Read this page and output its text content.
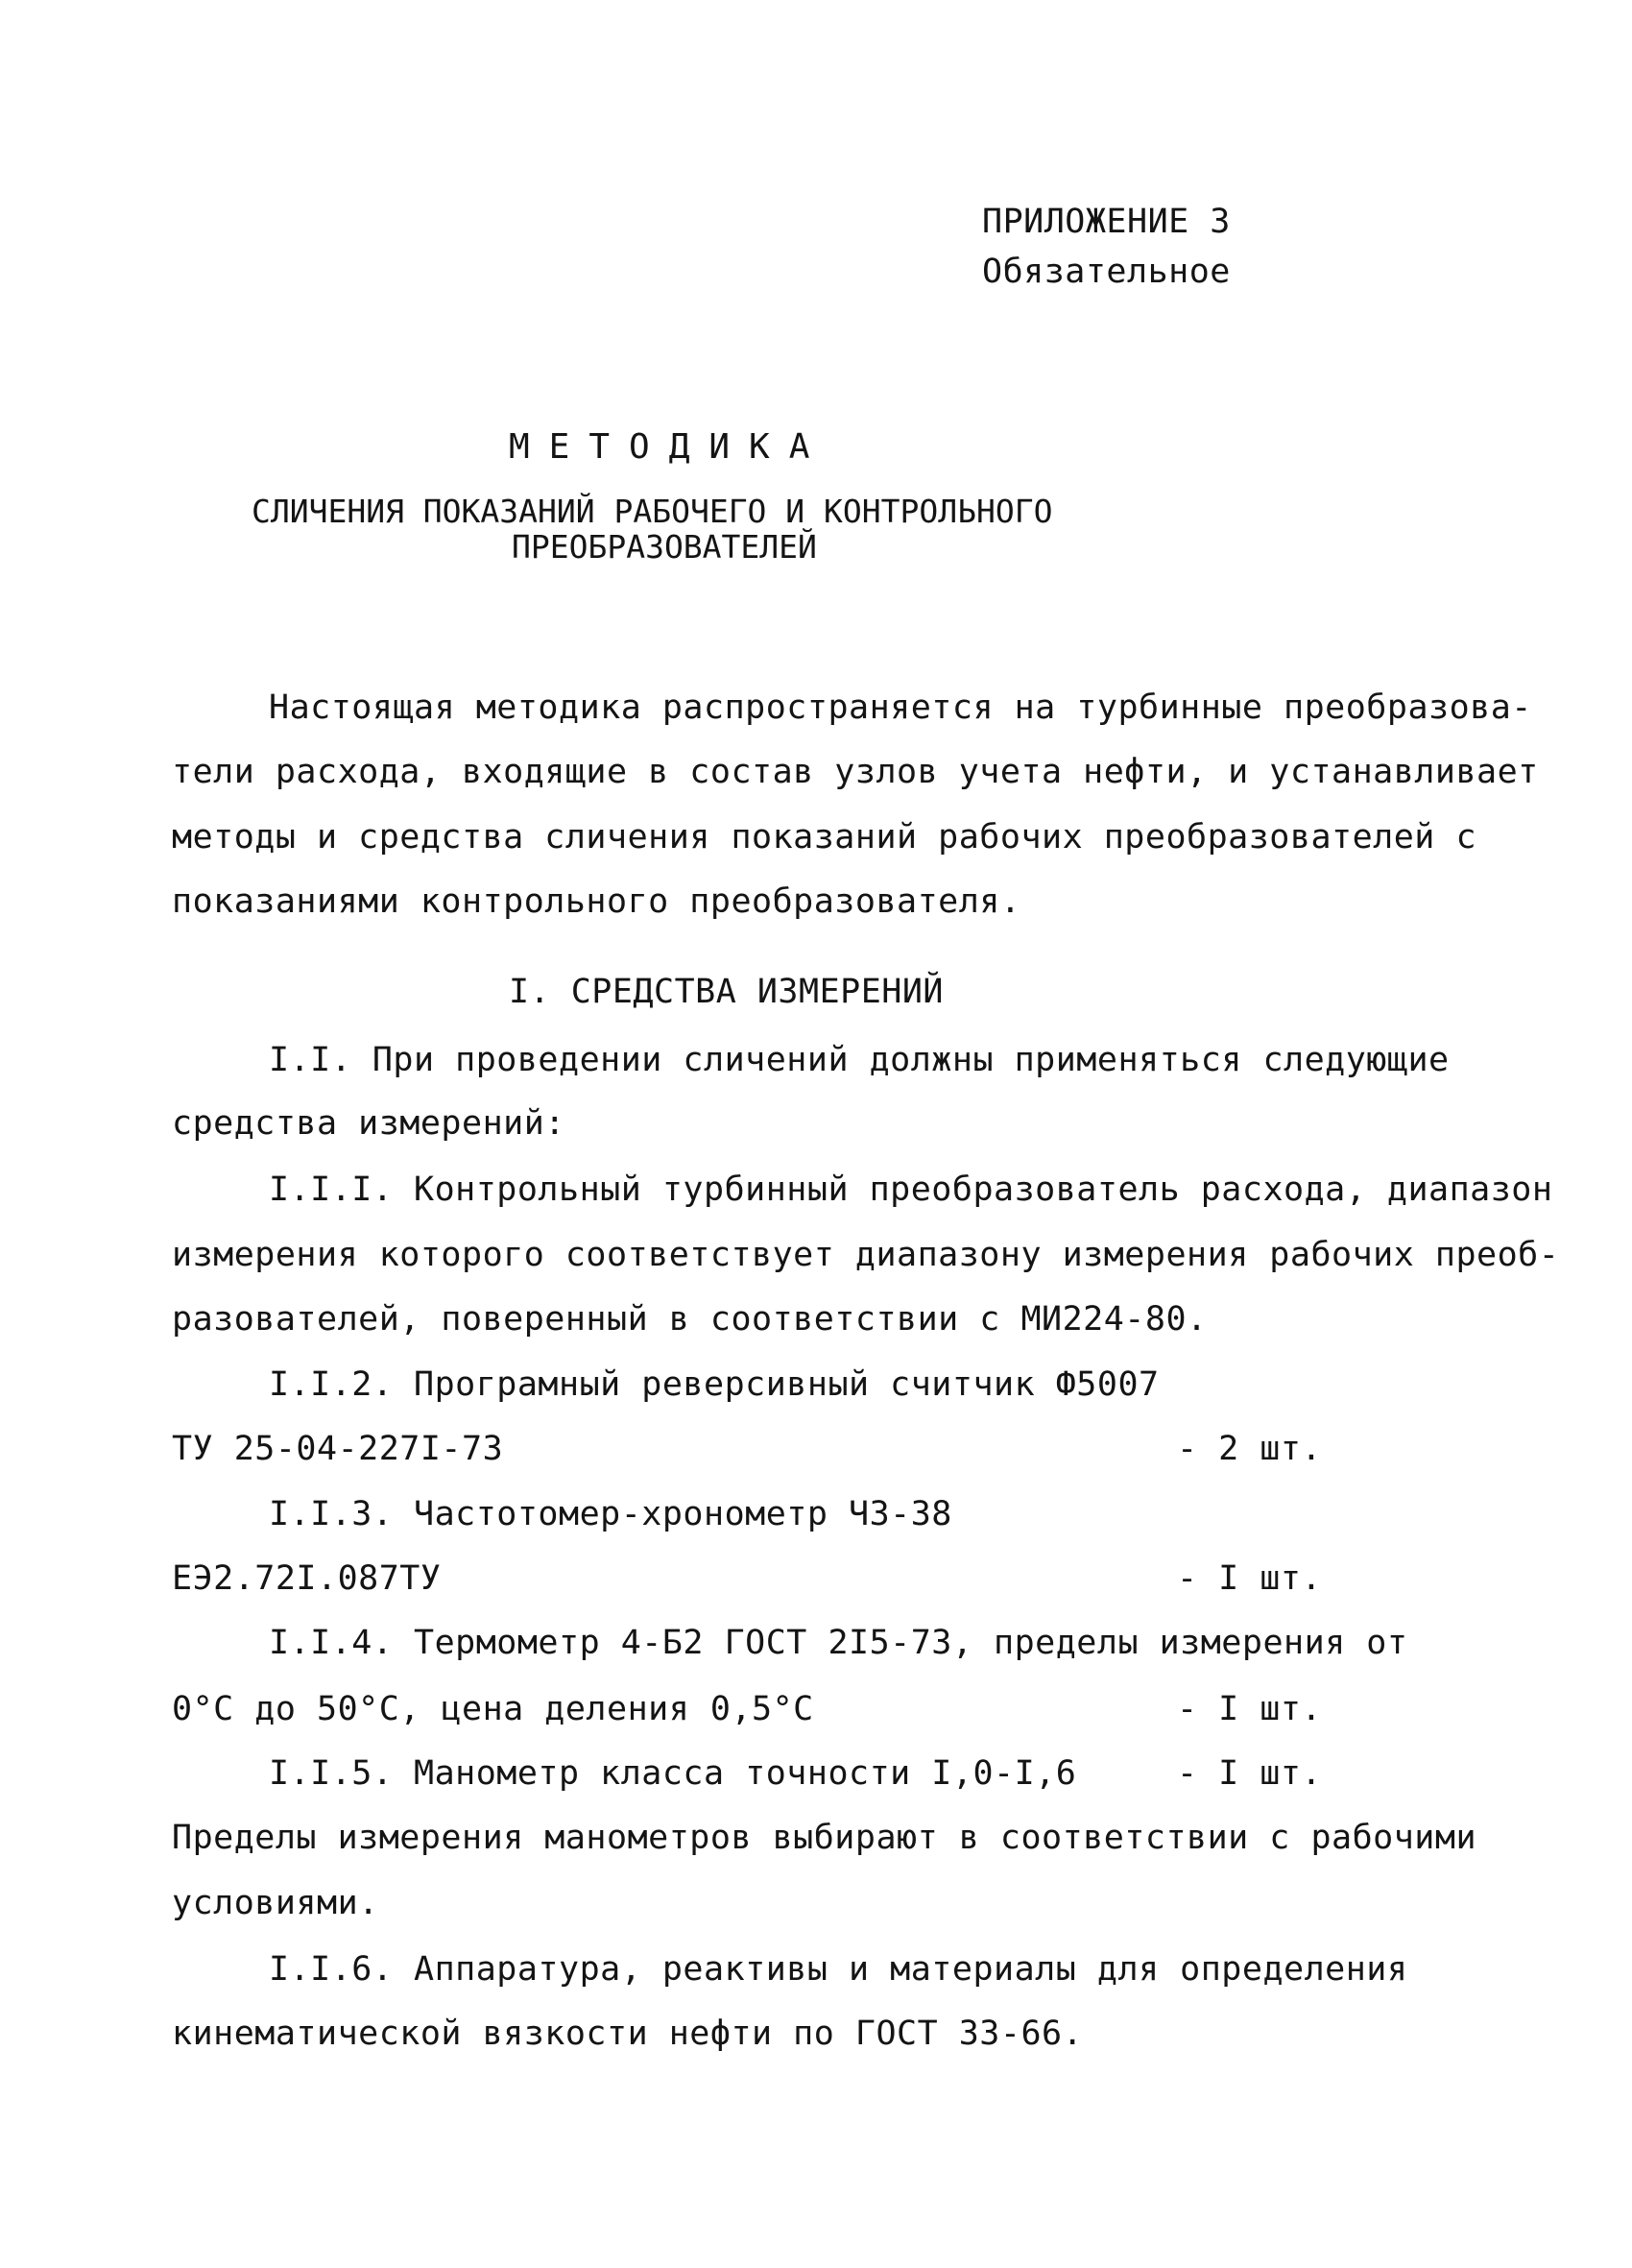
ПРИЛОЖЕНИЕ 3
Обязательное
МЕТОДИКА
СЛИЧЕНИЯ ПОКАЗАНИЙ РАБОЧЕГО И КОНТРОЛЬНОГО
ПРЕОБРАЗОВАТЕЛЕЙ
Настоящая методика распространяется на турбинные преобразова-
тели расхода, входящие в состав узлов учета нефти, и устанавливает
методы и средства сличения показаний рабочих преобразователей с
показаниями контрольного преобразователя.
I. СРЕДСТВА ИЗМЕРЕНИЙ
I.I. При проведении сличений должны применяться следующие
средства измерений:
I.I.I. Контрольный турбинный преобразователь расхода, диапазон
измерения которого соответствует диапазону измерения рабочих преоб-
разователей, поверенный в соответствии с МИ224-80.
I.I.2. Програмный реверсивный считчик Ф5007
ТУ 25-04-227I-73	- 2 шт.
I.I.3. Частотомер-хронометр ЧЗ-38
ЕЭ2.72I.087ТУ	- I шт.
I.I.4. Термометр 4-Б2 ГОСТ 2I5-73, пределы измерения от
0°C до 50°C, цена деления 0,5°C	- I шт.
I.I.5. Манометр класса точности I,0-I,6	- I шт.
Пределы измерения манометров выбирают в соответствии с рабочими
условиями.
I.I.6. Аппаратура, реактивы и материалы для определения
кинематической вязкости нефти по ГОСТ 33-66.
